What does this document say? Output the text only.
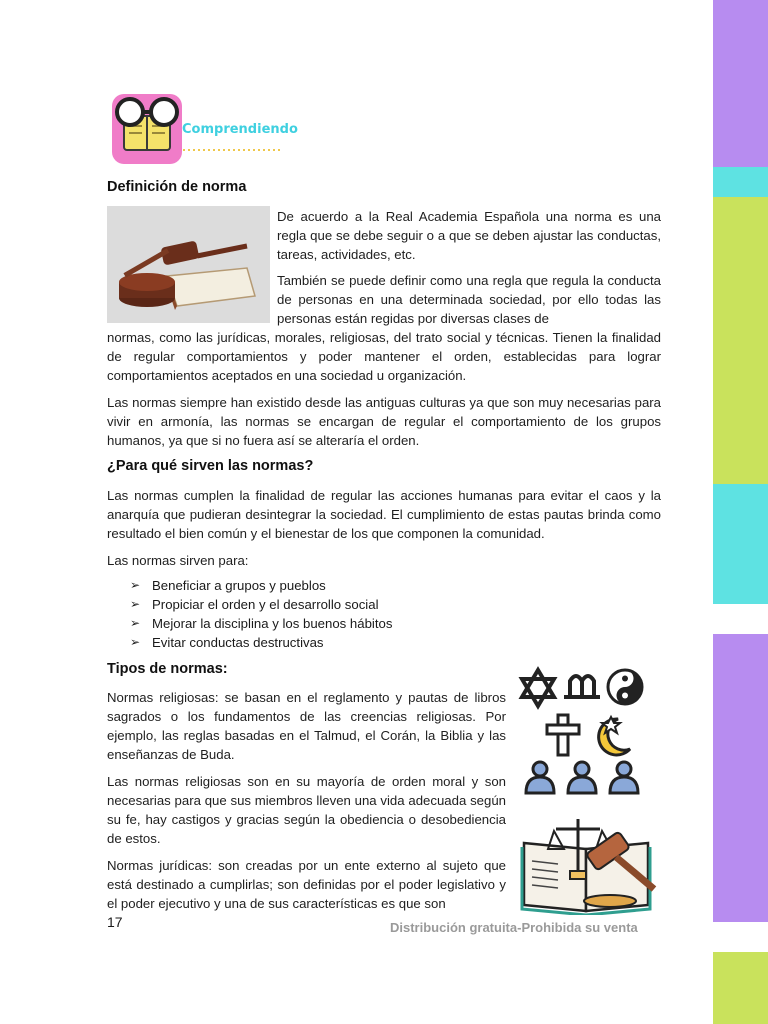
Comprendiendo
Definición de norma

De acuerdo a la Real Academia Española una norma es una regla que se debe seguir o a que se deben ajustar las conductas, tareas, actividades, etc.

También se puede definir como una regla que regula la conducta de personas en una determinada sociedad, por ello todas las personas están regidas por diversas clases de

normas, como las jurídicas, morales, religiosas, del trato social y técnicas. Tienen la finalidad de regular comportamientos y poder mantener el orden, establecidas para lograr comportamientos aceptados en una sociedad u organización.

Las normas siempre han existido desde las antiguas culturas ya que son muy necesarias para vivir en armonía, las normas se encargan de regular el comportamiento de los grupos humanos, ya que si no fuera así se alteraría el orden.

¿Para qué sirven las normas?

Las normas cumplen la finalidad de regular las acciones humanas para evitar el caos y la anarquía que pudieran desintegrar la sociedad. El cumplimiento de estas pautas brinda como resultado el bien común y el bienestar de los que componen la comunidad.

Las normas sirven para:

➢ Beneficiar a grupos y pueblos
➢ Propiciar el orden y el desarrollo social
➢ Mejorar la disciplina y los buenos hábitos
➢ Evitar conductas destructivas
Tipos de normas:

Normas religiosas: se basan en el reglamento y pautas de libros sagrados o los fundamentos de las creencias religiosas. Por ejemplo, las reglas basadas en el Talmud, el Corán, la Biblia y las enseñanzas de Buda.

Las normas religiosas son en su mayoría de orden moral y son necesarias para que sus miembros lleven una vida adecuada según su fe, hay castigos y gracias según la obediencia o desobediencia de estos.

Normas jurídicas: son creadas por un ente externo al sujeto que está destinado a cumplirlas; son definidas por el poder legislativo y el poder ejecutivo y una de sus características es que son

17	Distribución gratuita-Prohibida su venta
